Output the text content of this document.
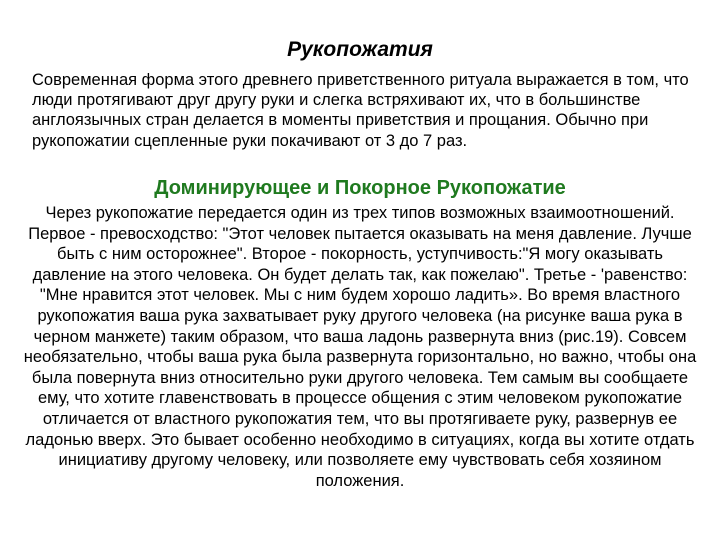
Рукопожатия
Современная форма этого древнего приветственного ритуала выражается в том, что люди протягивают друг другу руки и слегка встряхивают их, что в большинстве англоязычных стран делается в моменты приветствия и прощания. Обычно при рукопожатии сцепленные руки покачивают от 3 до 7 раз.
Доминирующее и Покорное Рукопожатие
Через рукопожатие передается один из трех типов возможных взаимоотношений. Первое - превосходство: "Этот человек пытается оказывать на меня давление. Лучше быть с ним осторожнее". Второе - покорность, уступчивость:"Я могу оказывать давление на этого человека. Он будет делать так, как пожелаю". Третье - 'равенство: "Мне нравится этот человек. Мы с ним будем хорошо ладить». Во время властного рукопожатия ваша рука захватывает руку другого человека (на рисунке ваша рука в черном манжете) таким образом, что ваша ладонь развернута вниз (рис.19). Совсем необязательно, чтобы ваша рука была развернута горизонтально, но важно, чтобы она была повернута вниз относительно руки другого человека. Тем самым вы сообщаете ему, что хотите главенствовать в процессе общения с этим человеком рукопожатие отличается от властного рукопожатия тем, что вы протягиваете руку, развернув ее ладонью вверх. Это бывает особенно необходимо в ситуациях, когда вы хотите отдать инициативу другому человеку, или позволяете ему чувствовать себя хозяином положения.
